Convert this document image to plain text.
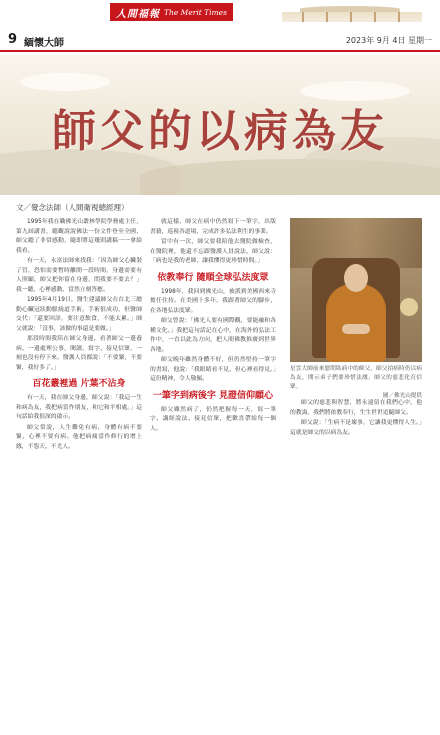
人間福報 The Merit Times
9 緬懷大師	2023年 9月 4日 星期一
師父的以病為友
文／覺念法師（人間衛視總經理）

1995年我在職佛光山叢林學院學務處主任，第九屆講書，聽觀說說佛法一份文件登至全國，師父聽了非常感動，隨即將這幾則講稿一一拿給我看。

有一天，永富法師來找我：「因為師父心臟裝了管，恐怕需要暫時離開一段時間，身邊需要有人照顧，師父把你留在身邊，問我要不要去？」我一聽，心裡感動，當然立刻答應。

1995年4月19日，醫生建議師父在台北三總動心臟冠狀動脈繞道手術。手術很成功，但醫師交代：「還要回診，要注意飲食，不能太累。」師父就說：「沒事，該做的事還是要做。」

那段時間我陪在師父身邊，看著師父一邊養病、一邊處理公事，閱讀、寫字、接見信眾，一刻也沒有停下來。醫護人員都說：「不要緊，不要緊，我好多了。」

百花叢裡過 片葉不沾身

有一天，我在師父身邊，師父說：「我這一生和病為友，我把病當作朋友，和它和平相處。」這句話給我很深的啟示。

師父常說，人生難免有病，身體有病不要緊，心裡不要有病。他把病痛當作修行的增上緣，不怨天、不尤人。

就這樣，師父在病中仍然寫下一筆字，出版書籍，巡視各道場，完成許多弘法利生的事業。

當中有一次，師父要我陪他去醫院做檢查，在醫院裡，他還不忘跟醫護人員說法，師父說：「病也是我的老師，讓我懂得更珍惜時間。」

依教奉行 隨順全球弘法度眾

1998年，我回到佛光山，被派到美國西來寺擔任住持。在美國十多年，我跟著師父的腳步，在各地弘法度眾。

師父曾說：「佛光人要有國際觀，要能融和各種文化。」我把這句話記在心中，在海外的弘法工作中，一直以此為方向，把人間佛教推廣到世界各地。

師父晚年雖然身體不好，但仍然堅持一筆字的書寫，他說：「我眼睛看不見，但心裡看得見。」這份精神，令人敬佩。

一筆字到病後字 見證信仰願心

師父雖然病了，仍然把握每一天，寫一筆字、講經說法、接見信眾，把歡喜帶給每一個人。

星雲大師前來慰問臥病中的師父，師父拍病時仍以病為友，開示弟子們要珍惜法緣，師父的慈悲化育信眾。
圖／佛光山提供

師父的慈悲與智慧，將永遠留在我們心中，他的教誨，我們將依教奉行，生生世世追隨師父。

師父說：「生病不是壞事，它讓我更懂得人生。」這就是師父的以病為友。
